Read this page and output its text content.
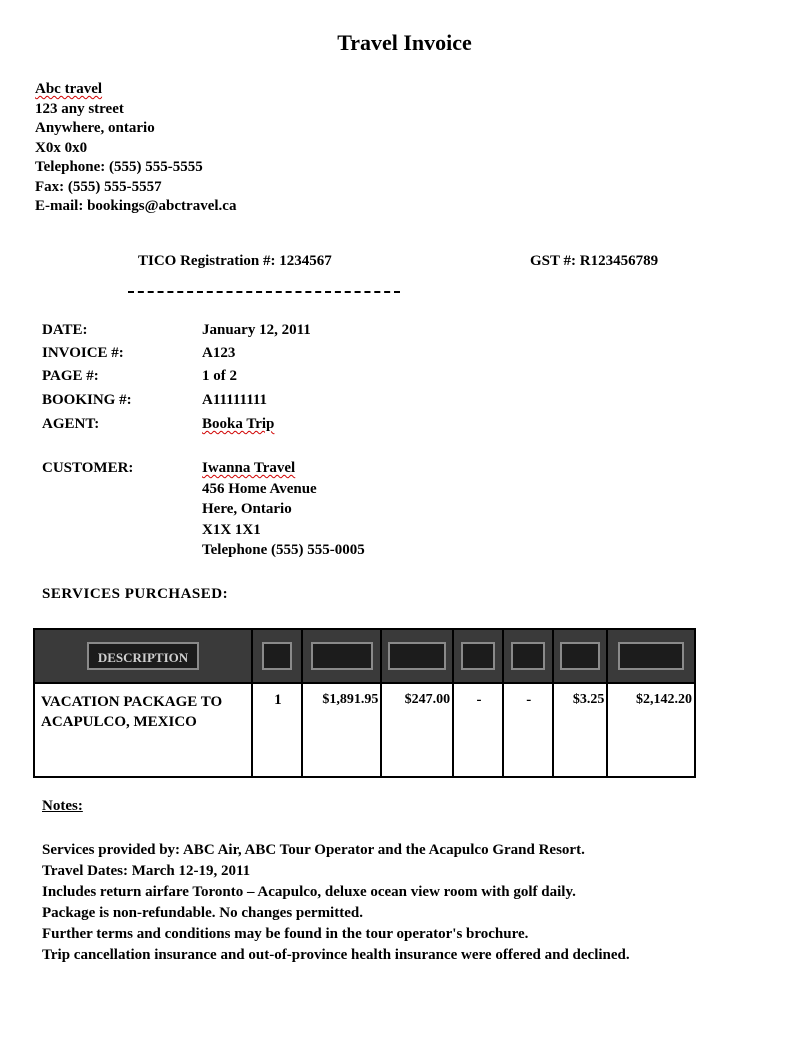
Travel Invoice
Abc travel
123 any street
Anywhere, ontario
X0x 0x0
Telephone: (555) 555-5555
Fax: (555) 555-5557
E-mail: bookings@abctravel.ca
TICO Registration #: 1234567	GST #: R123456789
DATE:	January 12, 2011
INVOICE #:	A123
PAGE #:	1 of 2
BOOKING #:	A11111111
AGENT:	Booka Trip
CUSTOMER:	Iwanna Travel
456 Home Avenue
Here, Ontario
X1X 1X1
Telephone (555) 555-0005
SERVICES PURCHASED:
DESCRIPTION							

VACATION PACKAGE TO ACAPULCO, MEXICO	1	$1,891.95	$247.00	-	-	$3.25	$2,142.20
Notes:
Services provided by: ABC Air, ABC Tour Operator and the Acapulco Grand Resort.
Travel Dates: March 12-19, 2011
Includes return airfare Toronto – Acapulco, deluxe ocean view room with golf daily.
Package is non-refundable. No changes permitted.
Further terms and conditions may be found in the tour operator's brochure.
Trip cancellation insurance and out-of-province health insurance were offered and declined.
